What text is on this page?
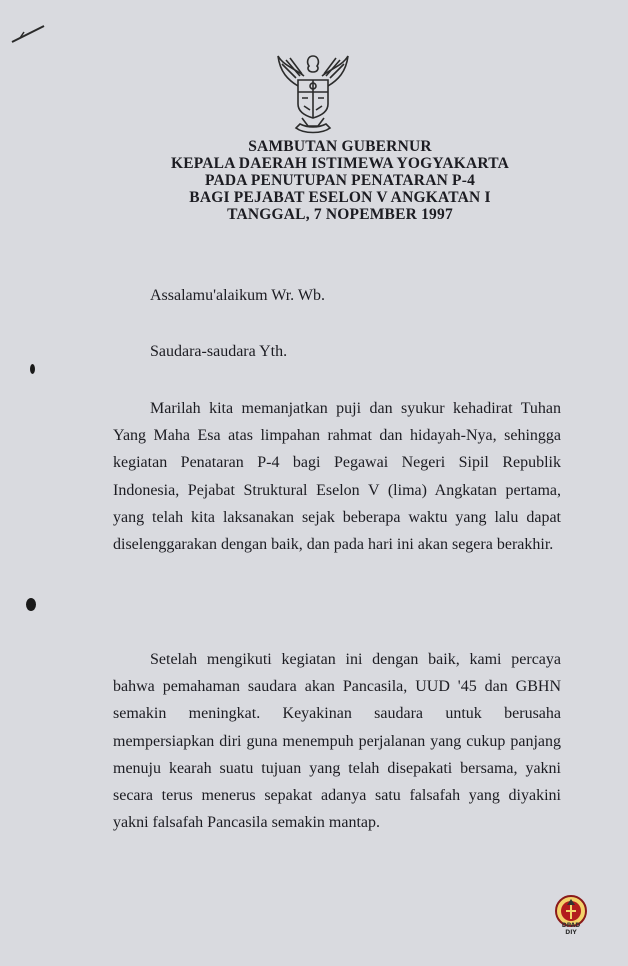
SAMBUTAN GUBERNUR
KEPALA DAERAH ISTIMEWA YOGYAKARTA
PADA PENUTUPAN PENATARAN P-4
BAGI PEJABAT ESELON V ANGKATAN I
TANGGAL, 7 NOPEMBER 1997
Assalamu'alaikum Wr. Wb.
Saudara-saudara Yth.

Marilah kita memanjatkan puji dan syukur kehadirat Tuhan Yang Maha Esa atas limpahan rahmat dan hidayah-Nya, sehingga kegiatan Penataran P-4 bagi Pegawai Negeri Sipil Republik Indonesia, Pejabat Struktural Eselon V (lima) Angkatan pertama, yang telah kita laksanakan sejak beberapa waktu yang lalu dapat diselenggarakan dengan baik, dan pada hari ini akan segera berakhir.

Setelah mengikuti kegiatan ini dengan baik, kami percaya bahwa pemahaman saudara akan Pancasila, UUD '45 dan GBHN semakin meningkat. Keyakinan saudara untuk berusaha mempersiapkan diri guna menempuh perjalanan yang cukup panjang menuju kearah suatu tujuan yang telah disepakati bersama, yakni secara terus menerus sepakat adanya satu falsafah yang diyakini yakni falsafah Pancasila semakin mantap.

DPAD
DIY
